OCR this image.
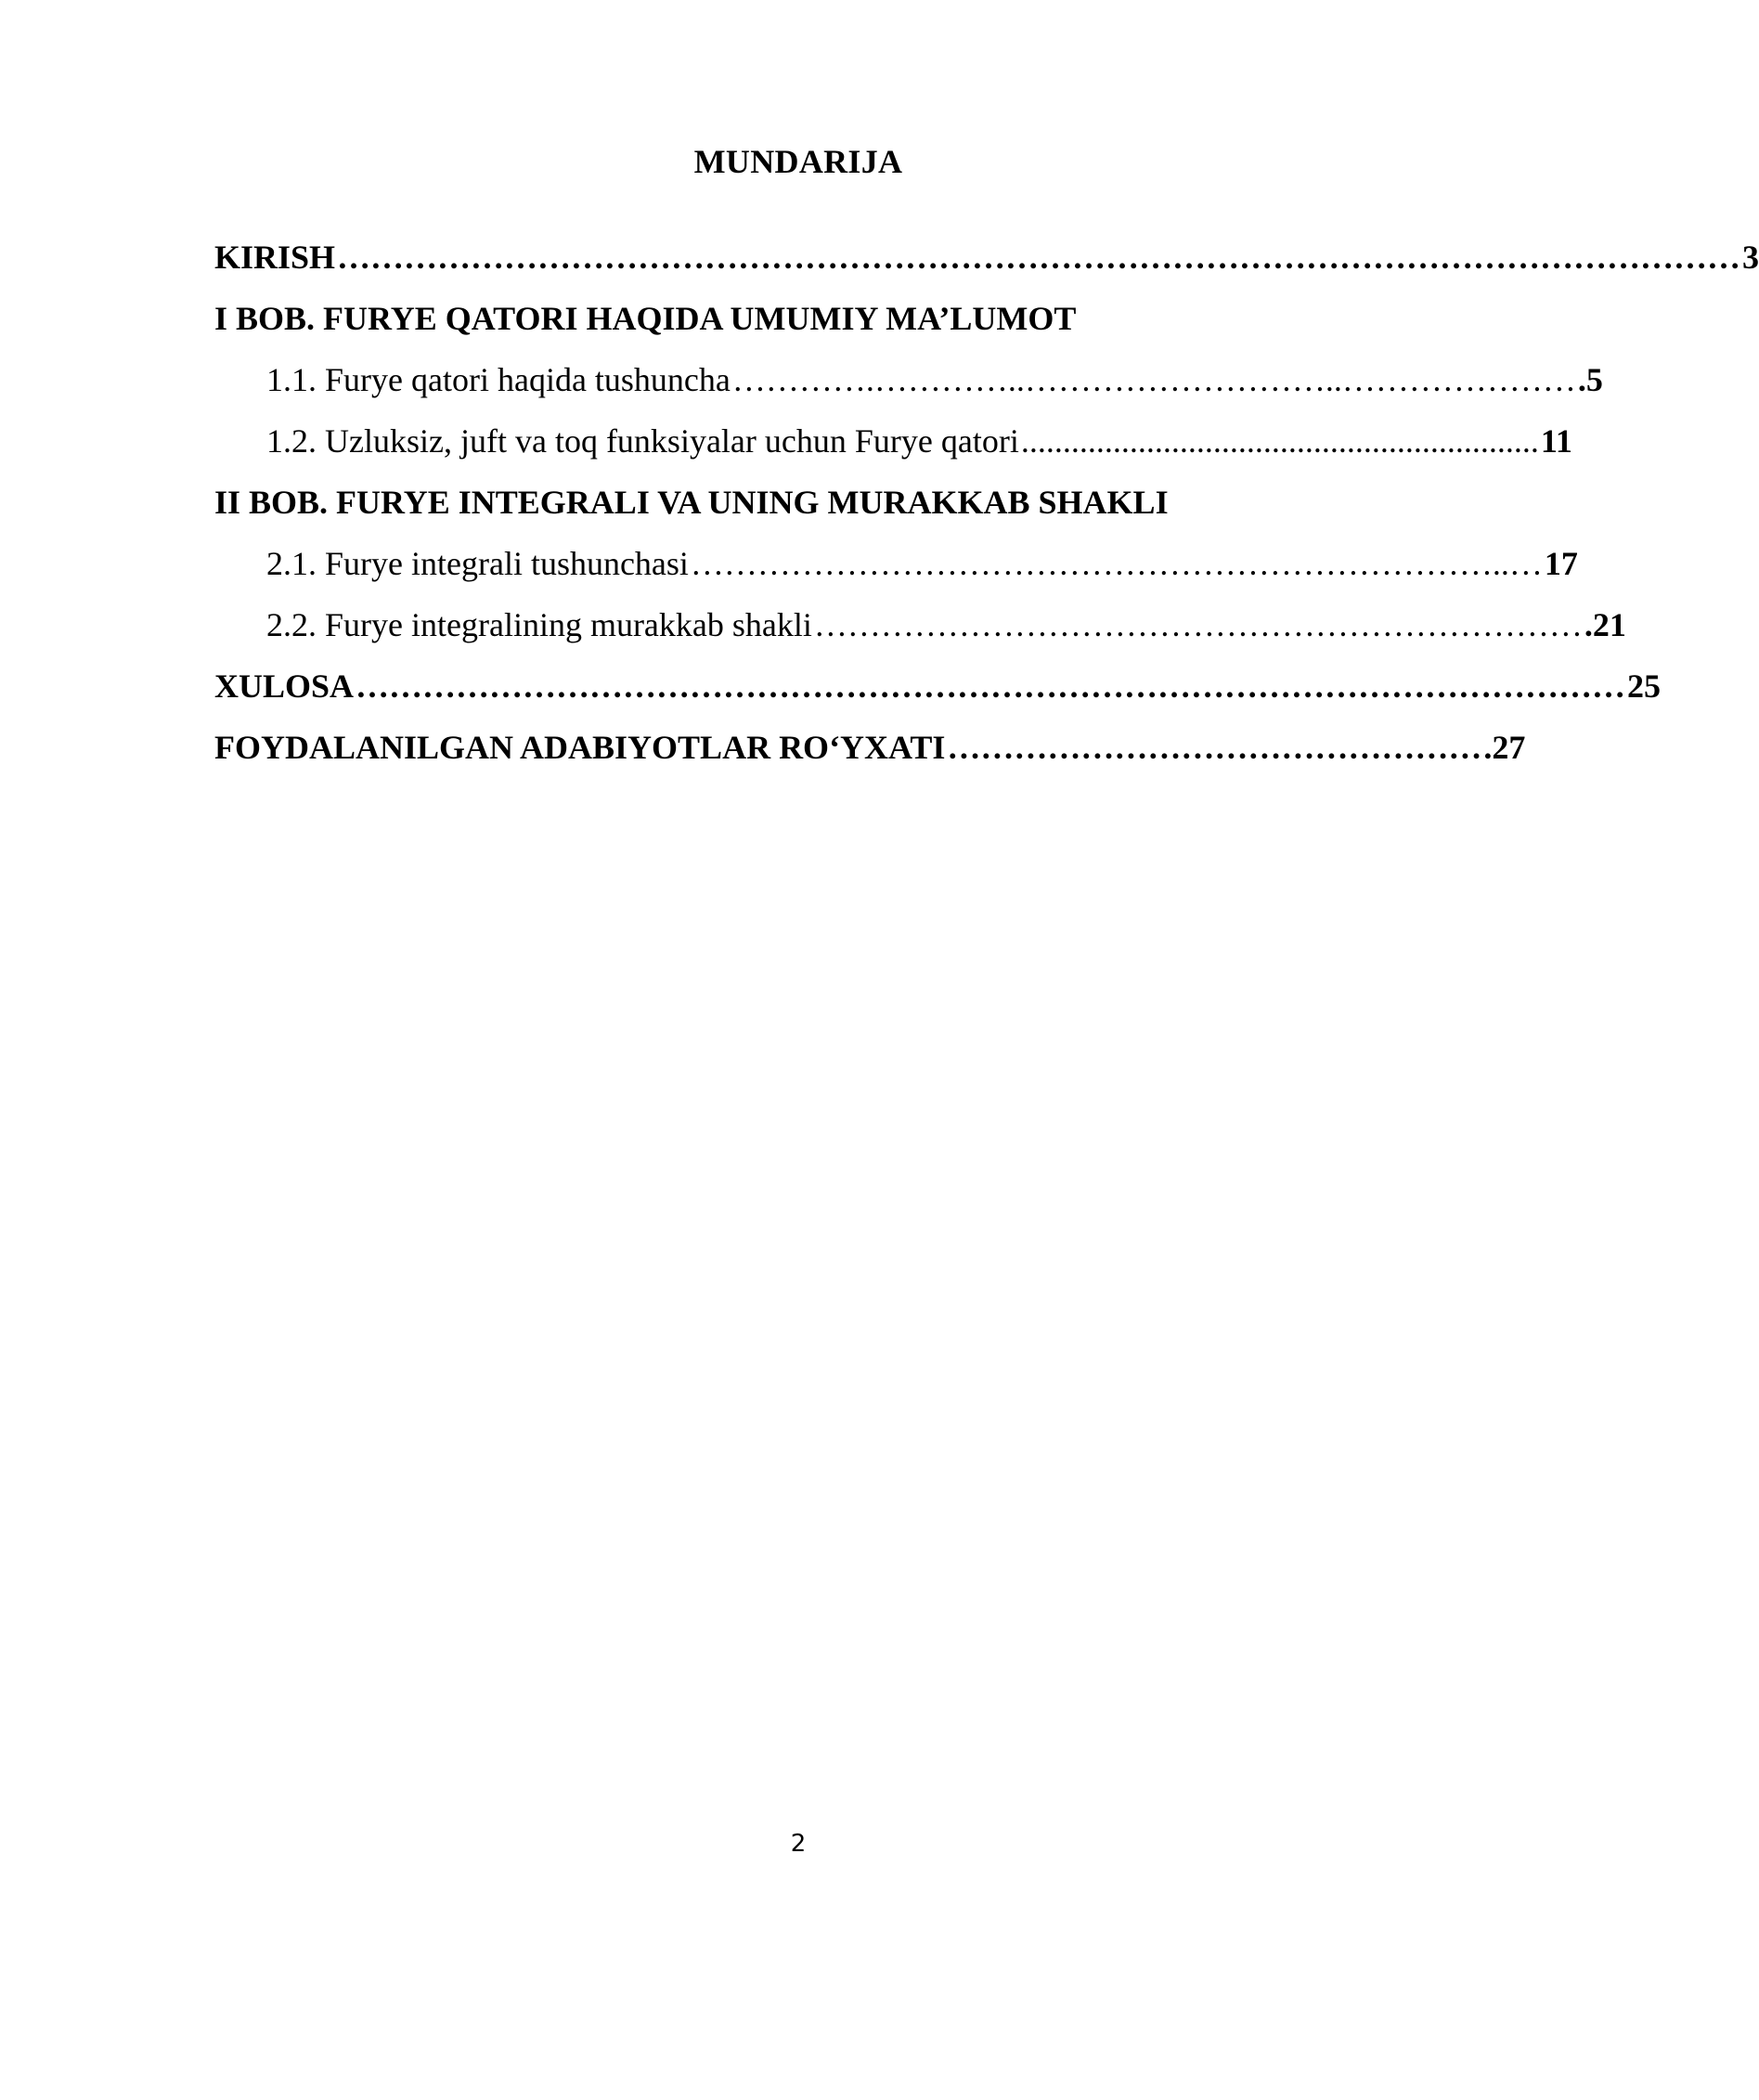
MUNDARIJA
KIRISH ……………………………………………………………………………………………………………… 3
I BOB. FURYE QATORI HAQIDA UMUMIY MA’LUMOT
1.1. Furye qatori haqida tushuncha ………….…………..………………………..………………… .5
1.2. Uzluksiz, juft va toq funksiyalar uchun Furye qatori .............................................................. 11
II BOB. FURYE INTEGRALI VA UNING MURAKKAB SHAKLI
2.1. Furye integrali tushunchasi ………………………………………………………………..… 17
2.2. Furye integralining murakkab shakli …………………………………………………………… .21
XULOSA …………………………………………………………………………………………………… 25
FOYDALANILGAN ADABIYOTLAR RO‘YXATI ………………………………………… .27
2
